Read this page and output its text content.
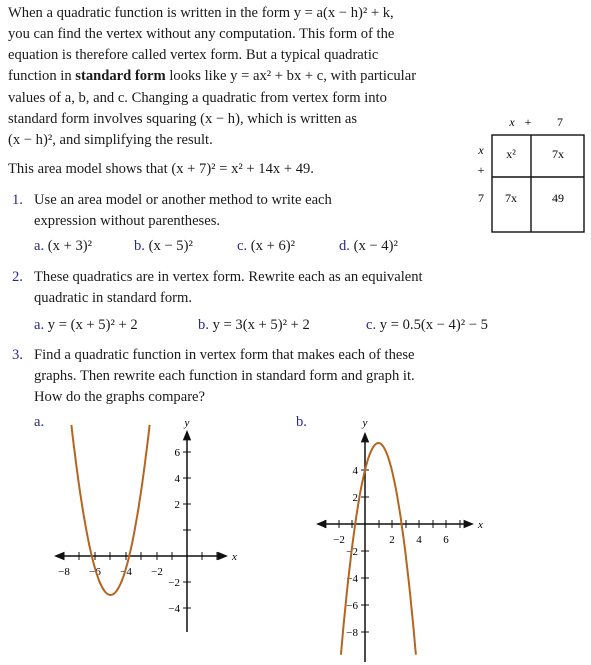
When a quadratic function is written in the form y = a(x − h)² + k,
you can find the vertex without any computation. This form of the
equation is therefore called vertex form. But a typical quadratic
function in standard form looks like y = ax² + bx + c, with particular
values of a, b, and c. Changing a quadratic from vertex form into
standard form involves squaring (x − h), which is written as
(x − h)², and simplifying the result.
This area model shows that (x + 7)² = x² + 14x + 49.
x + 7
x
+
7
x²	7x
7x	49
1. Use an area model or another method to write each
expression without parentheses.
a. (x + 3)²	b. (x − 5)²	c. (x + 6)²	d. (x − 4)²
2. These quadratics are in vertex form. Rewrite each as an equivalent
quadratic in standard form.
a. y = (x + 5)² + 2	b. y = 3(x + 5)² + 2	c. y = 0.5(x − 4)² − 5
3. Find a quadratic function in vertex form that makes each of these
graphs. Then rewrite each function in standard form and graph it.
How do the graphs compare?
a.	b.
x
y
−8 −6 −4 −2
6
4
2
−2
−4
x
y
−2	2 4 6
4
2
−2
−4
−6
−8
